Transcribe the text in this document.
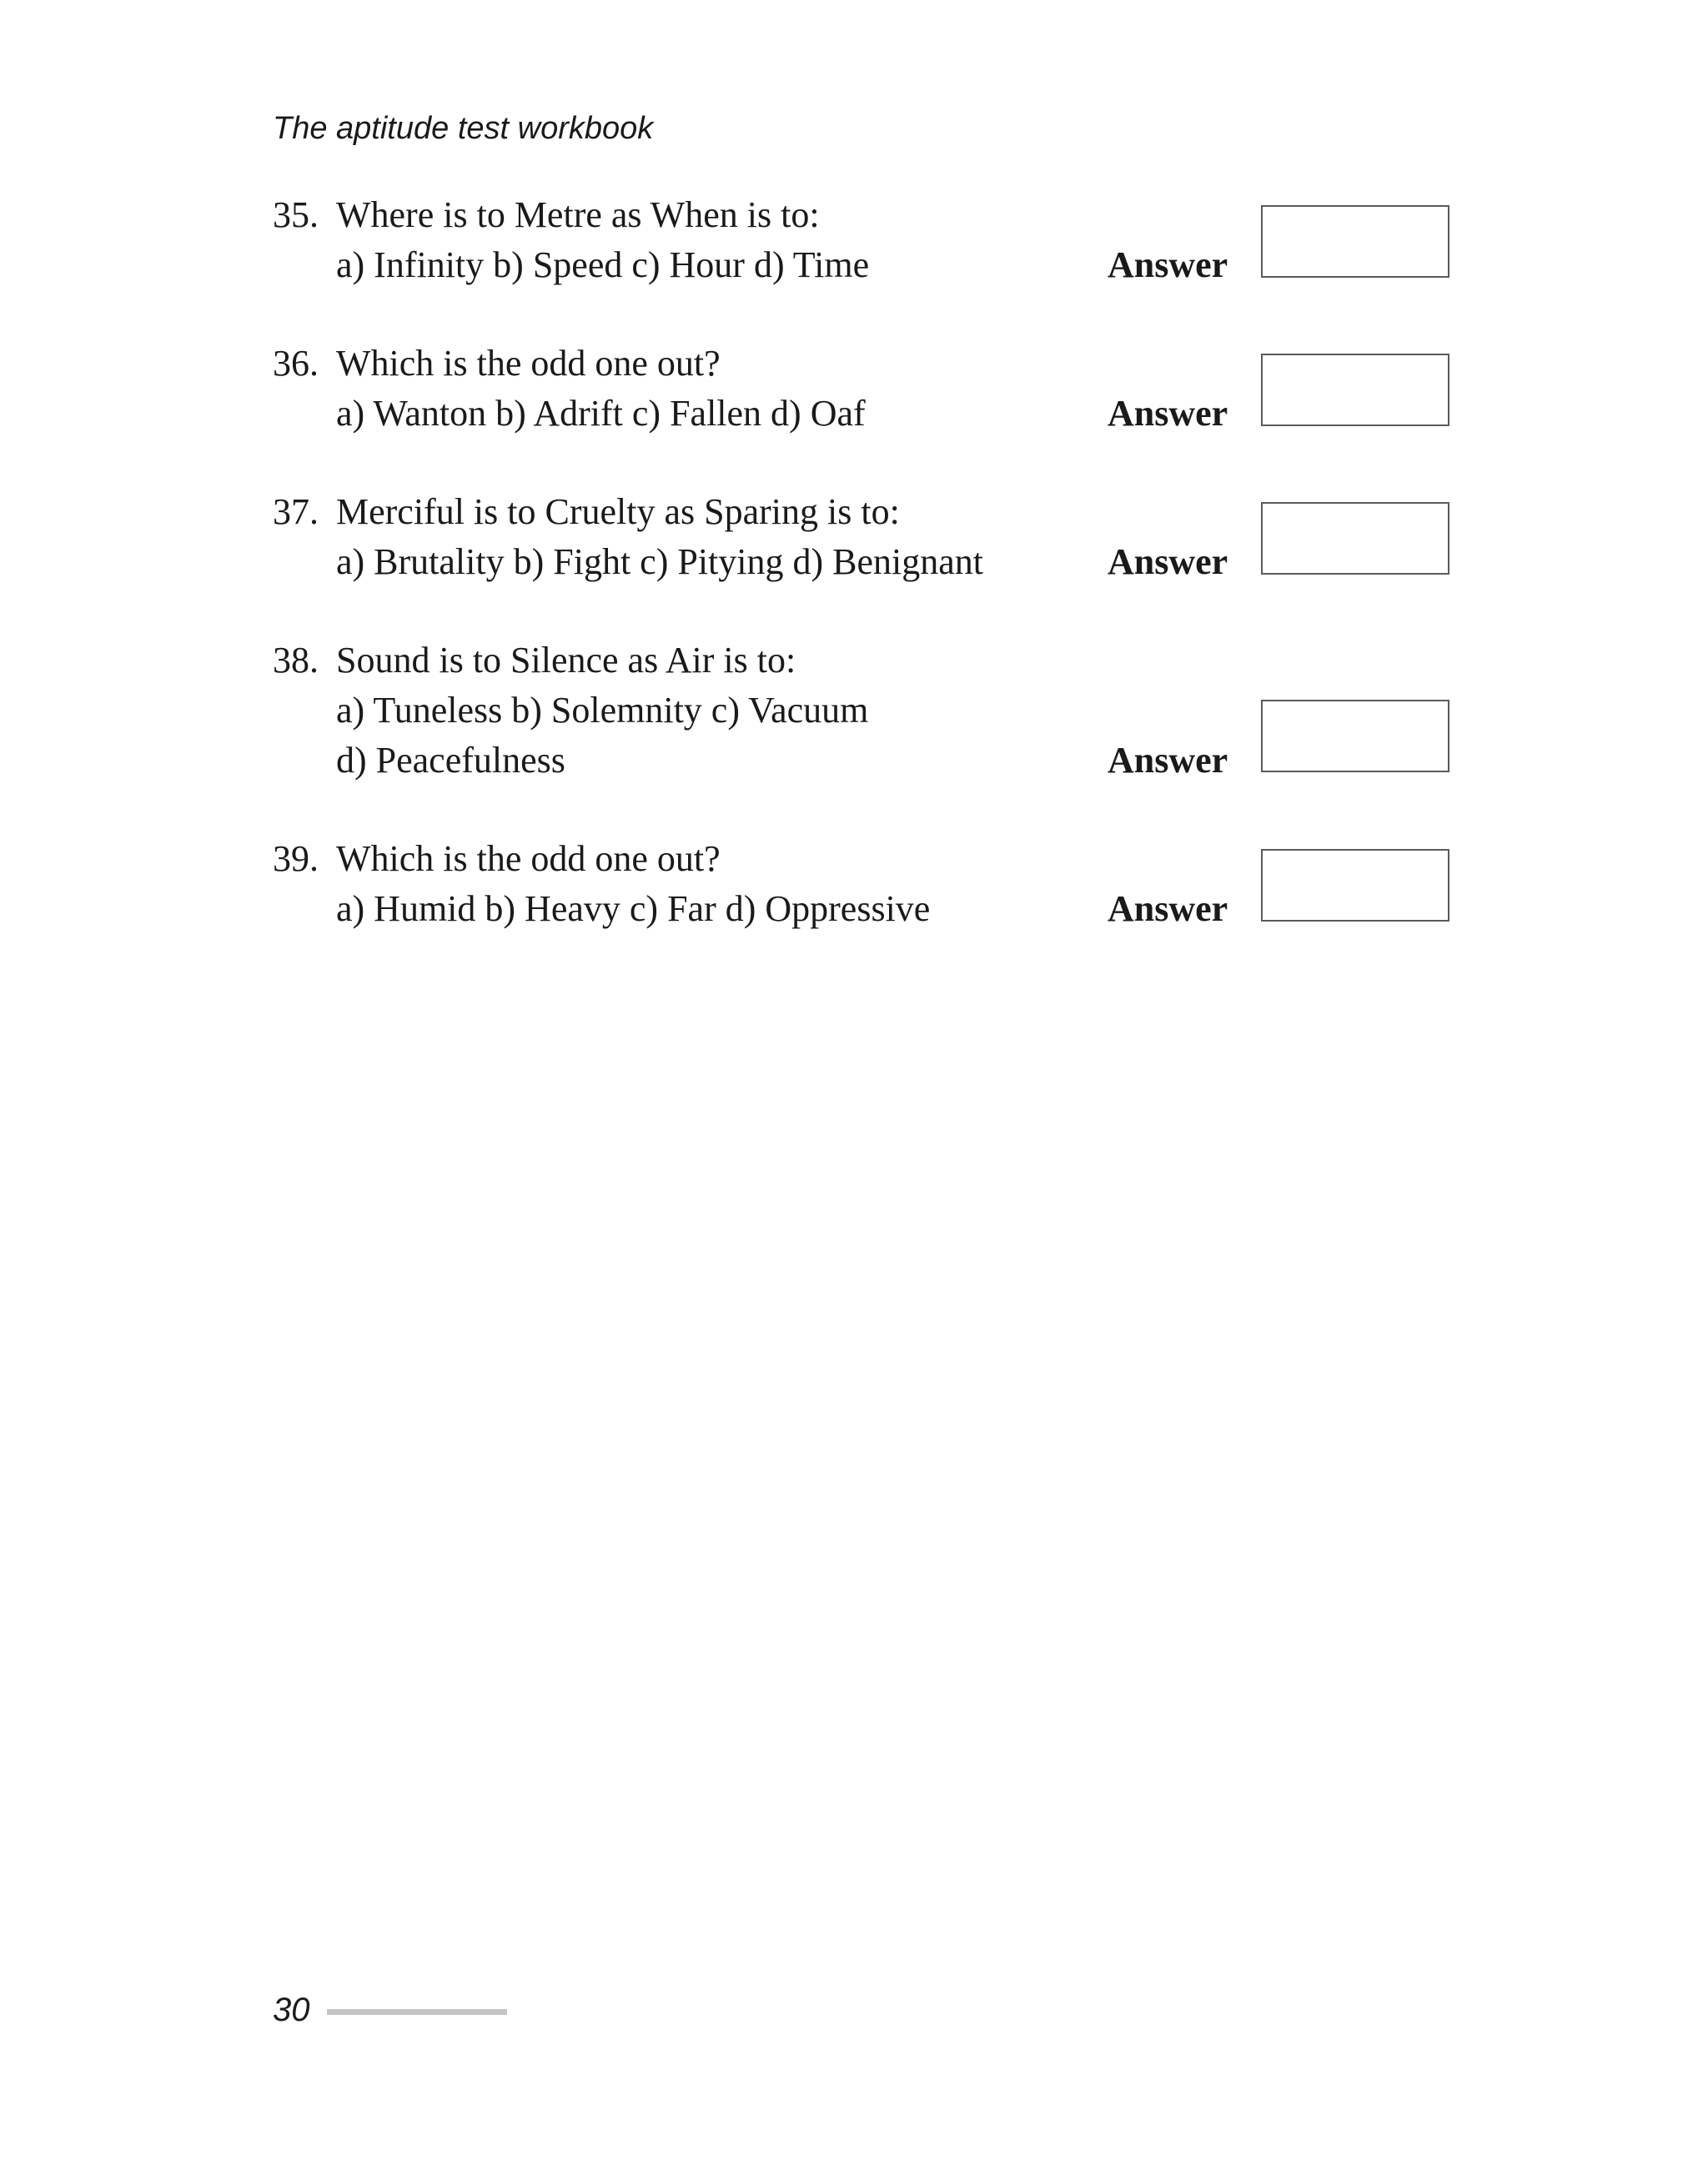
The aptitude test workbook
35. Where is to Metre as When is to:
a) Infinity b) Speed c) Hour d) Time	Answer
36. Which is the odd one out?
a) Wanton b) Adrift c) Fallen d) Oaf	Answer
37. Merciful is to Cruelty as Sparing is to:
a) Brutality b) Fight c) Pitying d) Benignant	Answer
38. Sound is to Silence as Air is to:
a) Tuneless b) Solemnity c) Vacuum
d) Peacefulness	Answer
39. Which is the odd one out?
a) Humid b) Heavy c) Far d) Oppressive	Answer
30
